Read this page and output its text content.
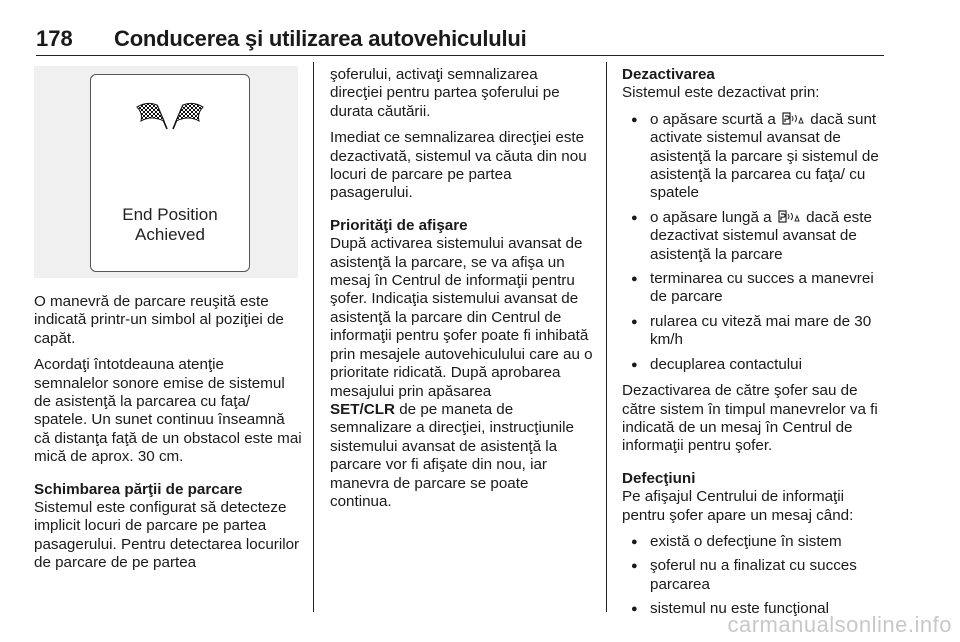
178 Conducerea şi utilizarea autovehiculului
End Position
Achieved

O manevră de parcare reuşită este indicată printr-un simbol al poziţiei de capăt.

Acordaţi întotdeauna atenţie semnalelor sonore emise de sistemul de asistenţă la parcarea cu faţa/ spatele. Un sunet continuu înseamnă că distanţa faţă de un obstacol este mai mică de aprox. 30 cm.

Schimbarea părţii de parcare

Sistemul este configurat să detecteze implicit locuri de parcare pe partea pasagerului. Pentru detectarea locurilor de parcare de pe partea

şoferului, activaţi semnalizarea direcţiei pentru partea şoferului pe durata căutării.

Imediat ce semnalizarea direcţiei este dezactivată, sistemul va căuta din nou locuri de parcare pe partea pasagerului.

Priorităţi de afişare

După activarea sistemului avansat de asistenţă la parcare, se va afişa un mesaj în Centrul de informaţii pentru şofer. Indicaţia sistemului avansat de asistenţă la parcare din Centrul de informaţii pentru şofer poate fi inhibată prin mesajele autovehiculului care au o prioritate ridicată. După aprobarea mesajului prin apăsarea
SET/CLR de pe maneta de semnalizare a direcţiei, instrucţiunile sistemului avansat de asistenţă la parcare vor fi afişate din nou, iar manevra de parcare se poate continua.

Dezactivarea

Sistemul este dezactivat prin:

● o apăsare scurtă a dacă sunt activate sistemul avansat de asistenţă la parcare şi sistemul de asistenţă la parcarea cu faţa/ cu spatele
● o apăsare lungă a dacă este dezactivat sistemul avansat de asistenţă la parcare
● terminarea cu succes a manevrei de parcare
● rularea cu viteză mai mare de 30 km/h
● decuplarea contactului

Dezactivarea de către şofer sau de către sistem în timpul manevrelor va fi indicată de un mesaj în Centrul de informaţii pentru şofer.

Defecţiuni

Pe afişajul Centrului de informaţii pentru şofer apare un mesaj când:

● există o defecţiune în sistem
● şoferul nu a finalizat cu succes parcarea
● sistemul nu este funcţional
carmanualsonline.info
